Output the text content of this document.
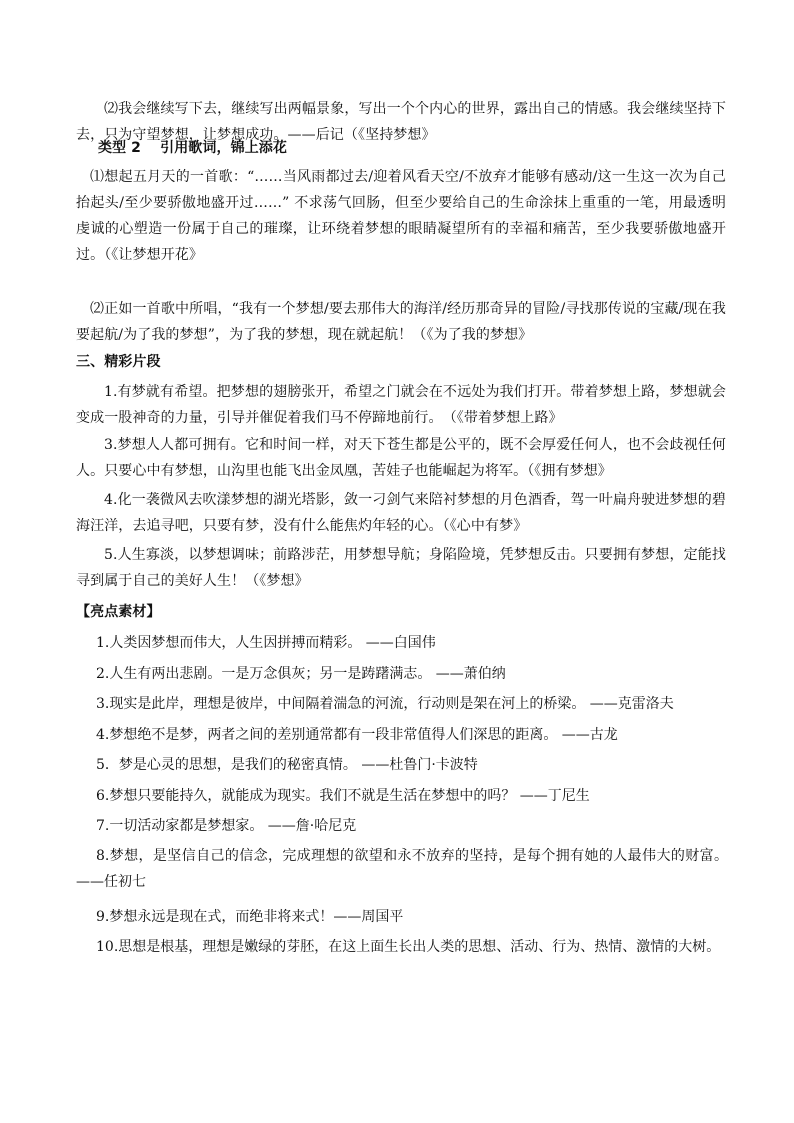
⑵我会继续写下去，继续写出两幅景象，写出一个个内心的世界，露出自己的情感。我会继续坚持下去，只为守望梦想，让梦想成功。——后记（《坚持梦想》
类型 2　 引用歌词，锦上添花
⑴想起五月天的一首歌：“……当风雨都过去/迎着风看天空/不放弃才能够有感动/这一生这一次为自己抬起头/至少要骄傲地盛开过……” 不求荡气回肠，但至少要给自己的生命涂抹上重重的一笔，用最透明虔诚的心塑造一份属于自己的璀璨，让环绕着梦想的眼睛凝望所有的幸福和痛苦，至少我要骄傲地盛开过。（《让梦想开花》
⑵正如一首歌中所唱，“我有一个梦想/要去那伟大的海洋/经历那奇异的冒险/寻找那传说的宝藏/现在我要起航/为了我的梦想”，为了我的梦想，现在就起航！（《为了我的梦想》
三、精彩片段
1.有梦就有希望。把梦想的翅膀张开，希望之门就会在不远处为我们打开。带着梦想上路，梦想就会变成一股神奇的力量，引导并催促着我们马不停蹄地前行。　（《带着梦想上路》
3.梦想人人都可拥有。它和时间一样，对天下苍生都是公平的，既不会厚爱任何人，也不会歧视任何人。只要心中有梦想，山沟里也能飞出金凤凰，苦娃子也能崛起为将军。（《拥有梦想》
4.化一袭微风去吹漾梦想的湖光塔影，敛一刁剑气来陪衬梦想的月色酒香，驾一叶扁舟驶进梦想的碧海汪洋，去追寻吧，只要有梦，没有什么能焦灼年轻的心。（《心中有梦》
5.人生寡淡，以梦想调味；前路涉茫，用梦想导航；身陷险境，凭梦想反击。只要拥有梦想，定能找寻到属于自己的美好人生！（《梦想》
【亮点素材】
1.人类因梦想而伟大，人生因拼搏而精彩。 ——白国伟
2.人生有两出悲剧。一是万念俱灰；另一是踌躇满志。 ——萧伯纳
3.现实是此岸，理想是彼岸，中间隔着湍急的河流，行动则是架在河上的桥梁。 ——克雷洛夫
4.梦想绝不是梦，两者之间的差别通常都有一段非常值得人们深思的距离。 ——古龙
5．梦是心灵的思想，是我们的秘密真情。 ——杜鲁门·卡波特
6.梦想只要能持久，就能成为现实。我们不就是生活在梦想中的吗？ ——丁尼生
7.一切活动家都是梦想家。 ——詹·哈尼克
8.梦想，是坚信自己的信念，完成理想的欲望和永不放弃的坚持，是每个拥有她的人最伟大的财富。——任初七
9.梦想永远是现在式，而绝非将来式！——周国平
10.思想是根基，理想是嫩绿的芽胚，在这上面生长出人类的思想、活动、行为、热情、激情的大树。
